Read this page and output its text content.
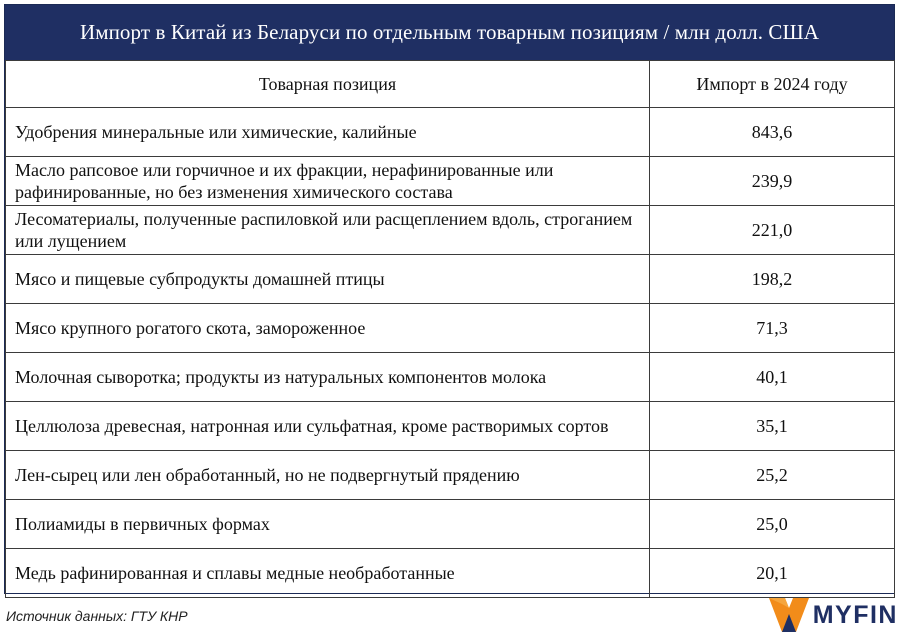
Импорт в Китай из Беларуси по отдельным товарным позициям / млн долл. США
Товарная позиция	Импорт в 2024 году
Удобрения минеральные или химические, калийные	843,6
Масло рапсовое или горчичное и их фракции, нерафинированные или рафинированные, но без изменения химического состава	239,9
Лесоматериалы, полученные распиловкой или расщеплением вдоль, строганием или лущением	221,0
Мясо и пищевые субпродукты домашней птицы	198,2
Мясо крупного рогатого скота, замороженное	71,3
Молочная сыворотка; продукты из натуральных компонентов молока	40,1
Целлюлоза древесная, натронная или сульфатная, кроме растворимых сортов	35,1
Лен-сырец или лен обработанный, но не подвергнутый прядению	25,2
Полиамиды в первичных формах	25,0
Медь рафинированная и сплавы медные необработанные	20,1
Источник данных: ГТУ КНР	MYFIN
